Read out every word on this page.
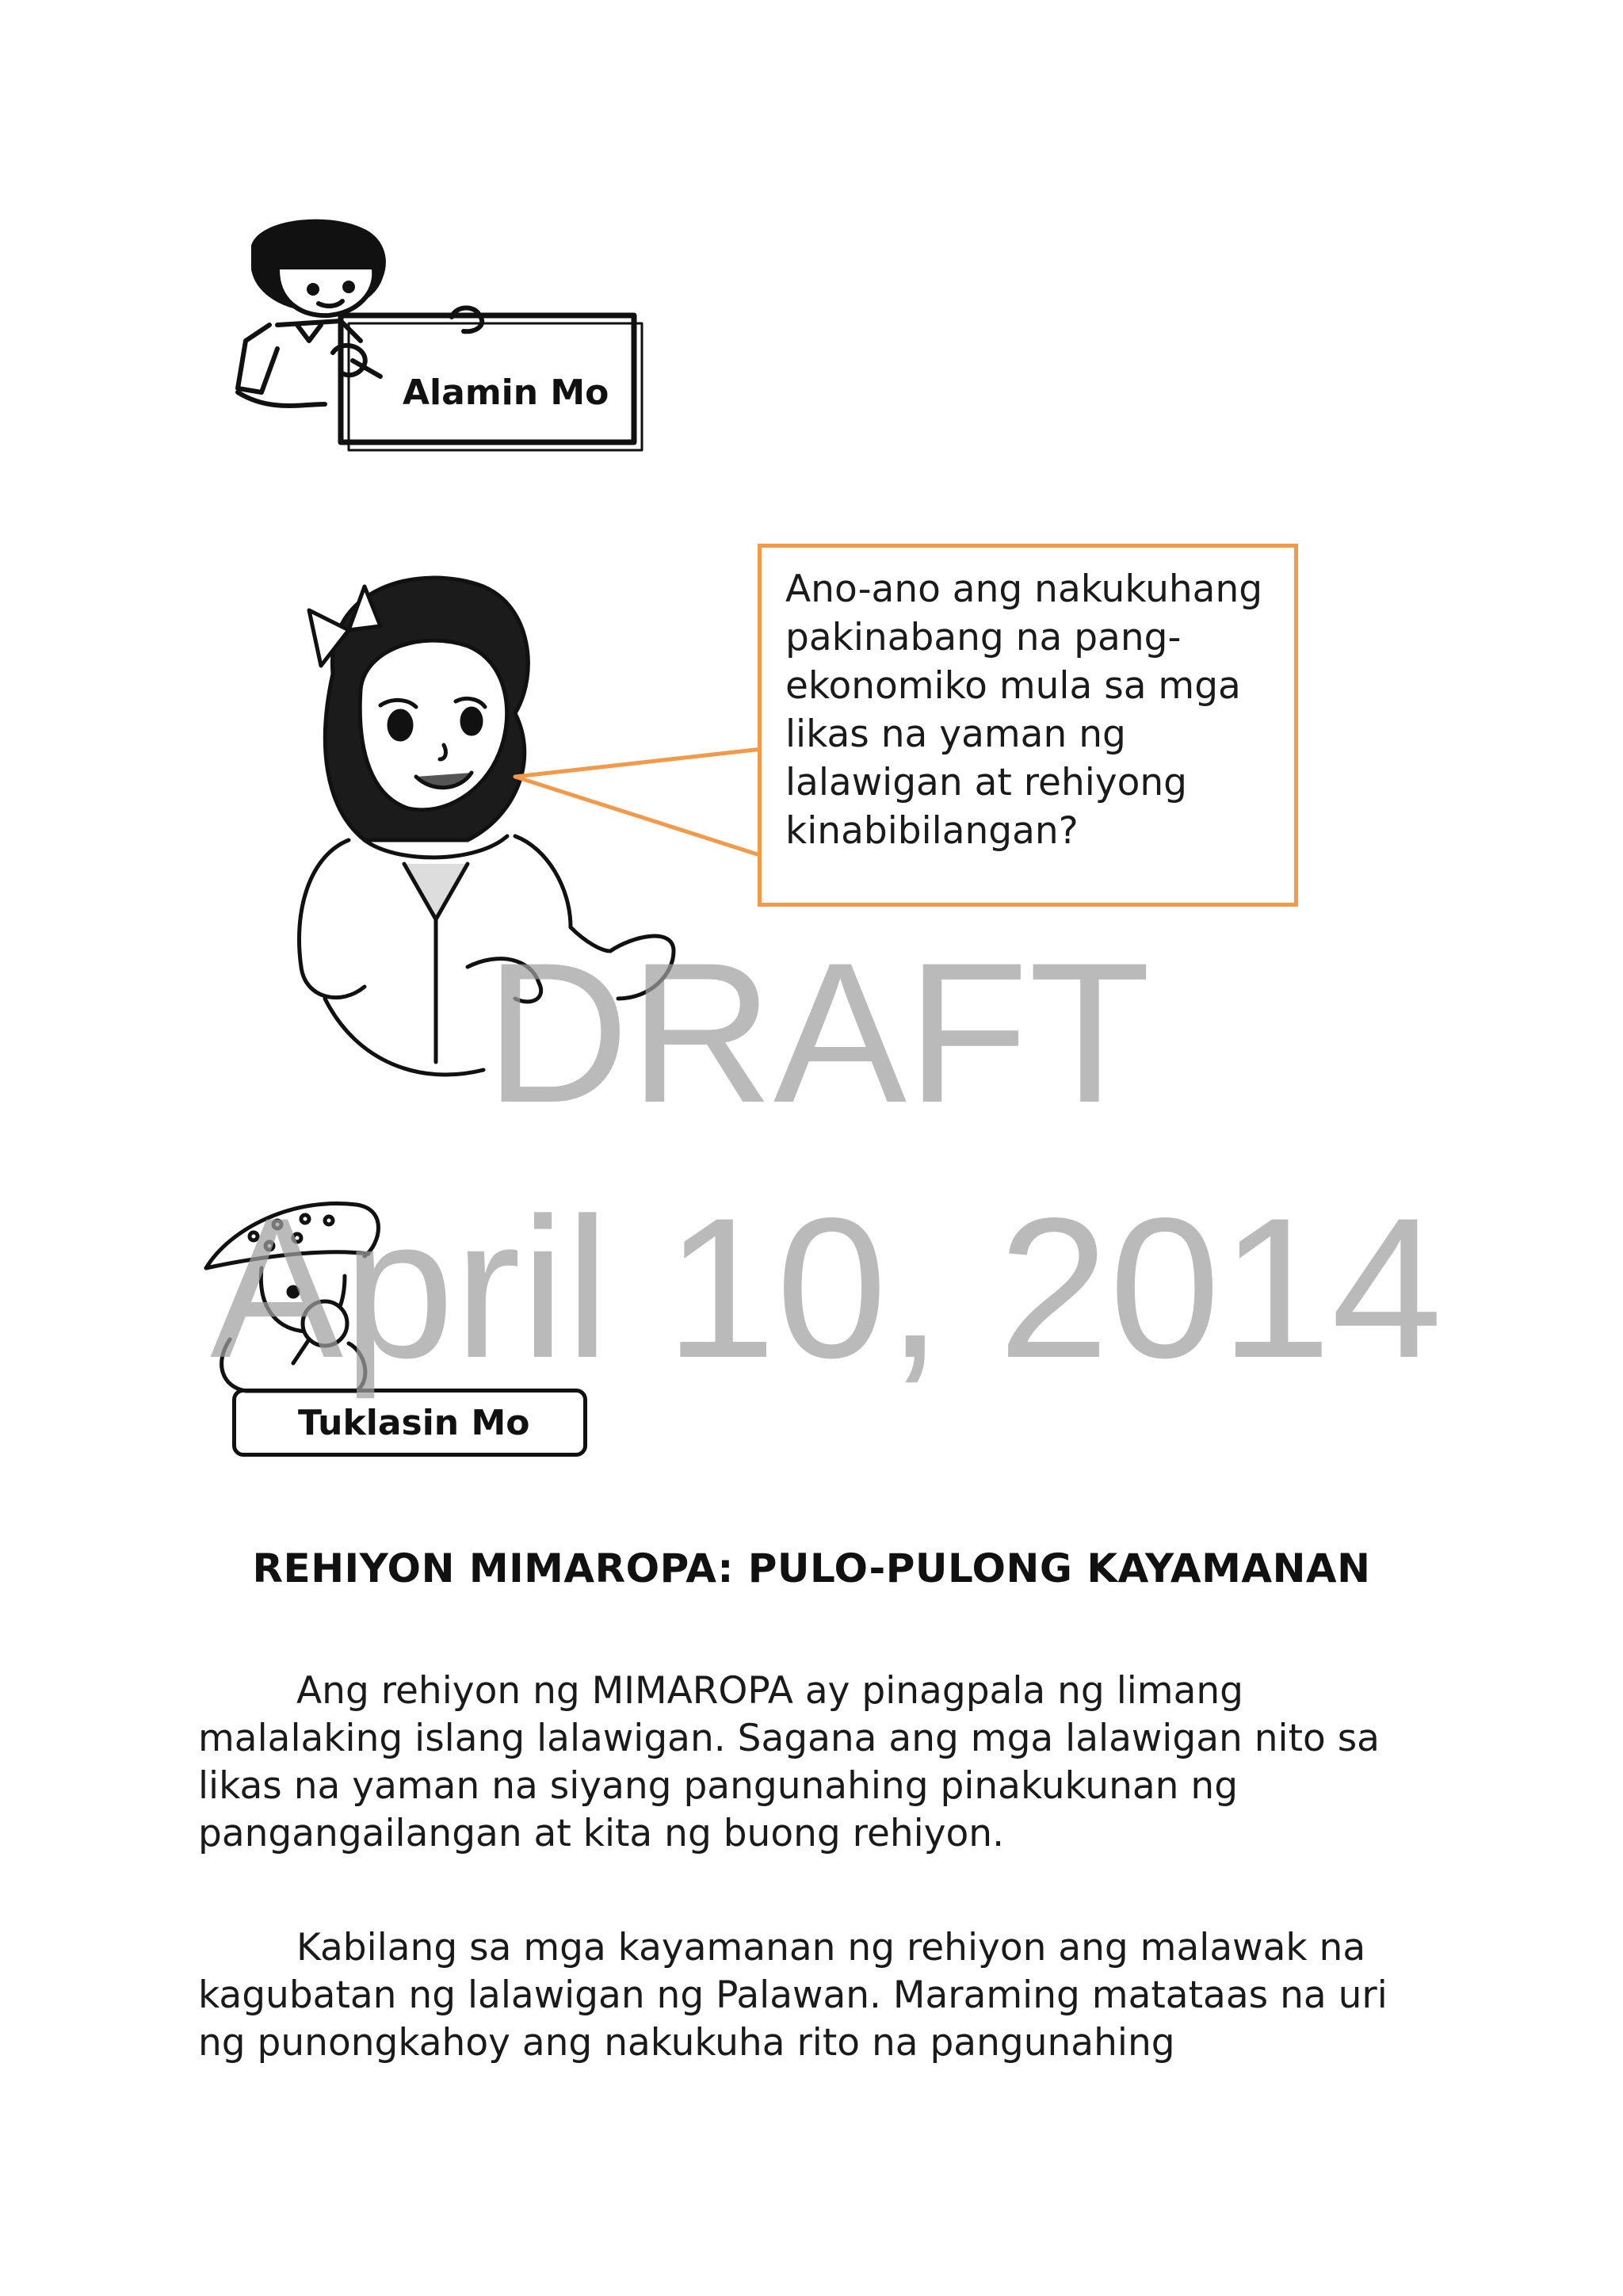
Alamin Mo
Ano-ano ang nakukuhang
pakinabang na pang-
ekonomiko mula sa mga
likas na yaman ng
lalawigan at rehiyong
kinabibilangan?
Tuklasin Mo
REHIYON MIMAROPA: PULO-PULONG KAYAMANAN
Ang rehiyon ng MIMAROPA ay pinagpala ng limang
malalaking islang lalawigan. Sagana ang mga lalawigan nito sa
likas na yaman na siyang pangunahing pinakukunan ng
pangangailangan at kita ng buong rehiyon.
Kabilang sa mga kayamanan ng rehiyon ang malawak na
kagubatan ng lalawigan ng Palawan. Maraming matataas na uri
ng punongkahoy ang nakukuha rito na pangunahing
DRAFT
April 10, 2014
